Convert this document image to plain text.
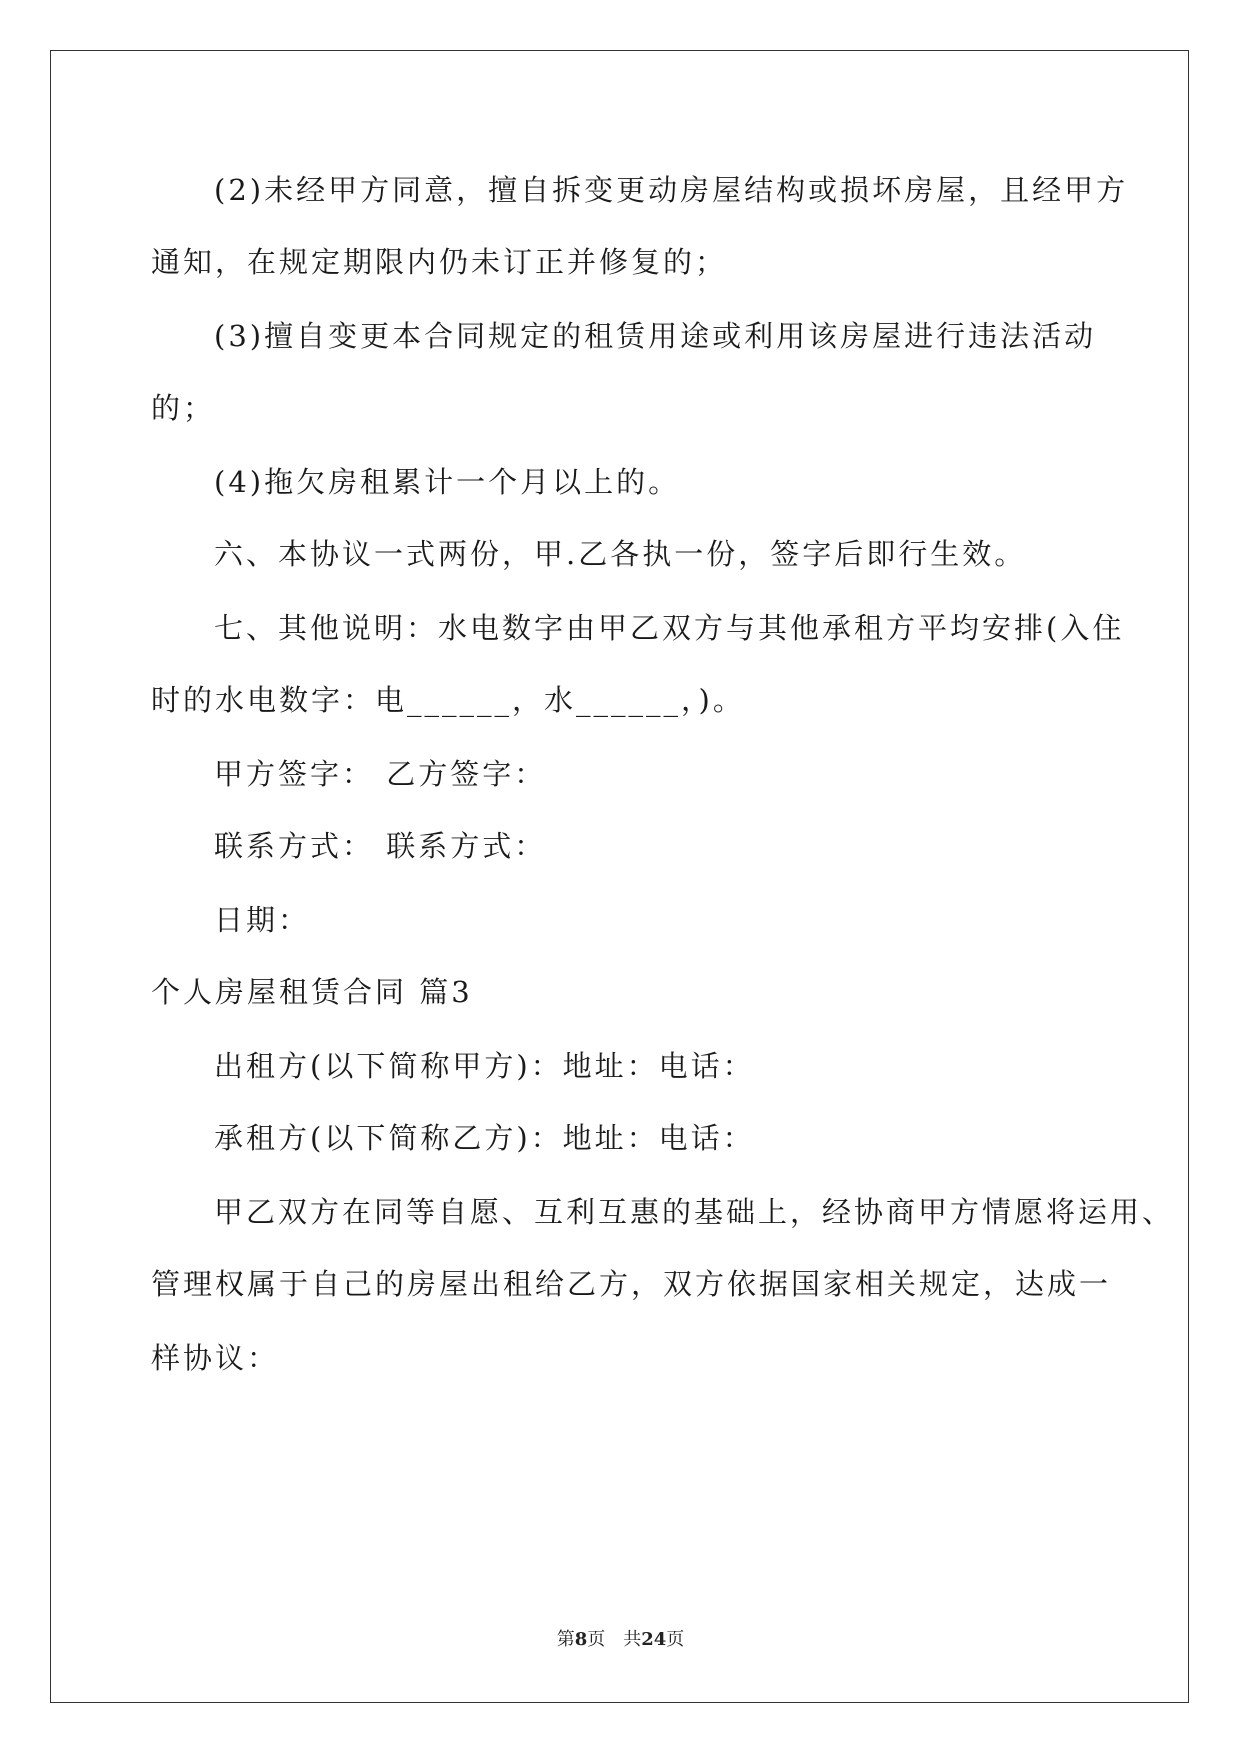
(2)未经甲方同意，擅自拆变更动房屋结构或损坏房屋，且经甲方

通知，在规定期限内仍未订正并修复的；

(3)擅自变更本合同规定的租赁用途或利用该房屋进行违法活动

的；

(4)拖欠房租累计一个月以上的。

六、本协议一式两份，甲.乙各执一份，签字后即行生效。

七、其他说明：水电数字由甲乙双方与其他承租方平均安排(入住

时的水电数字：电______，水______，)。

甲方签字： 乙方签字：

联系方式： 联系方式：

日期：

个人房屋租赁合同 篇3

出租方(以下简称甲方)：地址：电话：

承租方(以下简称乙方)：地址：电话：

甲乙双方在同等自愿、互利互惠的基础上，经协商甲方情愿将运用、

管理权属于自己的房屋出租给乙方，双方依据国家相关规定，达成一

样协议：

第8页 共24页
